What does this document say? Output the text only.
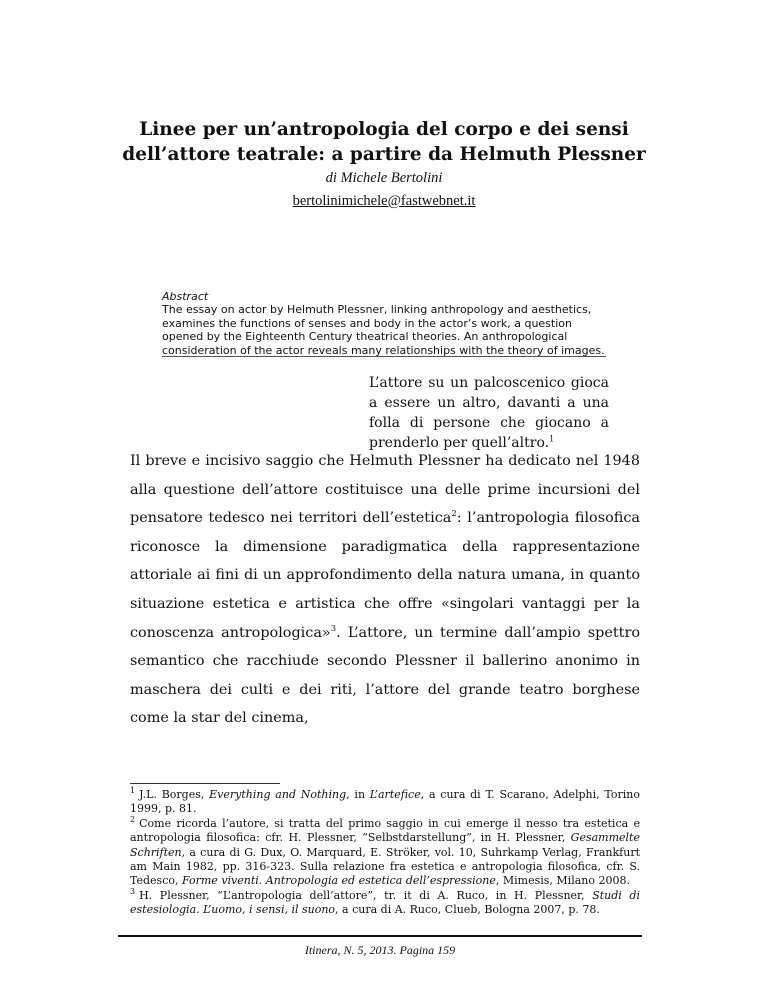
Linee per un’antropologia del corpo e dei sensi
dell’attore teatrale: a partire da Helmuth Plessner
di Michele Bertolini
bertolinimichele@fastwebnet.it
Abstract
The essay on actor by Helmuth Plessner, linking anthropology and aesthetics, examines the functions of senses and body in the actor’s work, a question opened by the Eighteenth Century theatrical theories. An anthropological consideration of the actor reveals many relationships with the theory of images.
L’attore su un palcoscenico gioca a essere un altro, davanti a una folla di persone che giocano a prenderlo per quell’altro.$^1$

Il breve e incisivo saggio che Helmuth Plessner ha dedicato nel 1948 alla questione dell’attore costituisce una delle prime incursioni del pensatore tedesco nei territori dell’estetica$^2$: l’antropologia filosofica riconosce la dimensione paradigmatica della rappresentazione attoriale ai fini di un approfondimento della natura umana, in quanto situazione estetica e artistica che offre «singolari vantaggi per la conoscenza antropologica»$^3$. L’attore, un termine dall’ampio spettro semantico che racchiude secondo Plessner il ballerino anonimo in maschera dei culti e dei riti, l’attore del grande teatro borghese come la star del cinema,

$^1$ J.L. Borges, Everything and Nothing, in L’artefice, a cura di T. Scarano, Adelphi, Torino 1999, p. 81.

$^2$ Come ricorda l’autore, si tratta del primo saggio in cui emerge il nesso tra estetica e antropologia filosofica: cfr. H. Plessner, “Selbstdarstellung”, in H. Plessner, Gesammelte Schriften, a cura di G. Dux, O. Marquard, E. Ströker, vol. 10, Suhrkamp Verlag, Frankfurt am Main 1982, pp. 316-323. Sulla relazione fra estetica e antropologia filosofica, cfr. S. Tedesco, Forme viventi. Antropologia ed estetica dell’espressione, Mimesis, Milano 2008.

$^3$ H. Plessner, “L’antropologia dell’attore”, tr. it di A. Ruco, in H. Plessner, Studi di estesiologia. L’uomo, i sensi, il suono, a cura di A. Ruco, Clueb, Bologna 2007, p. 78.

Itinera, N. 5, 2013. Pagina 159
